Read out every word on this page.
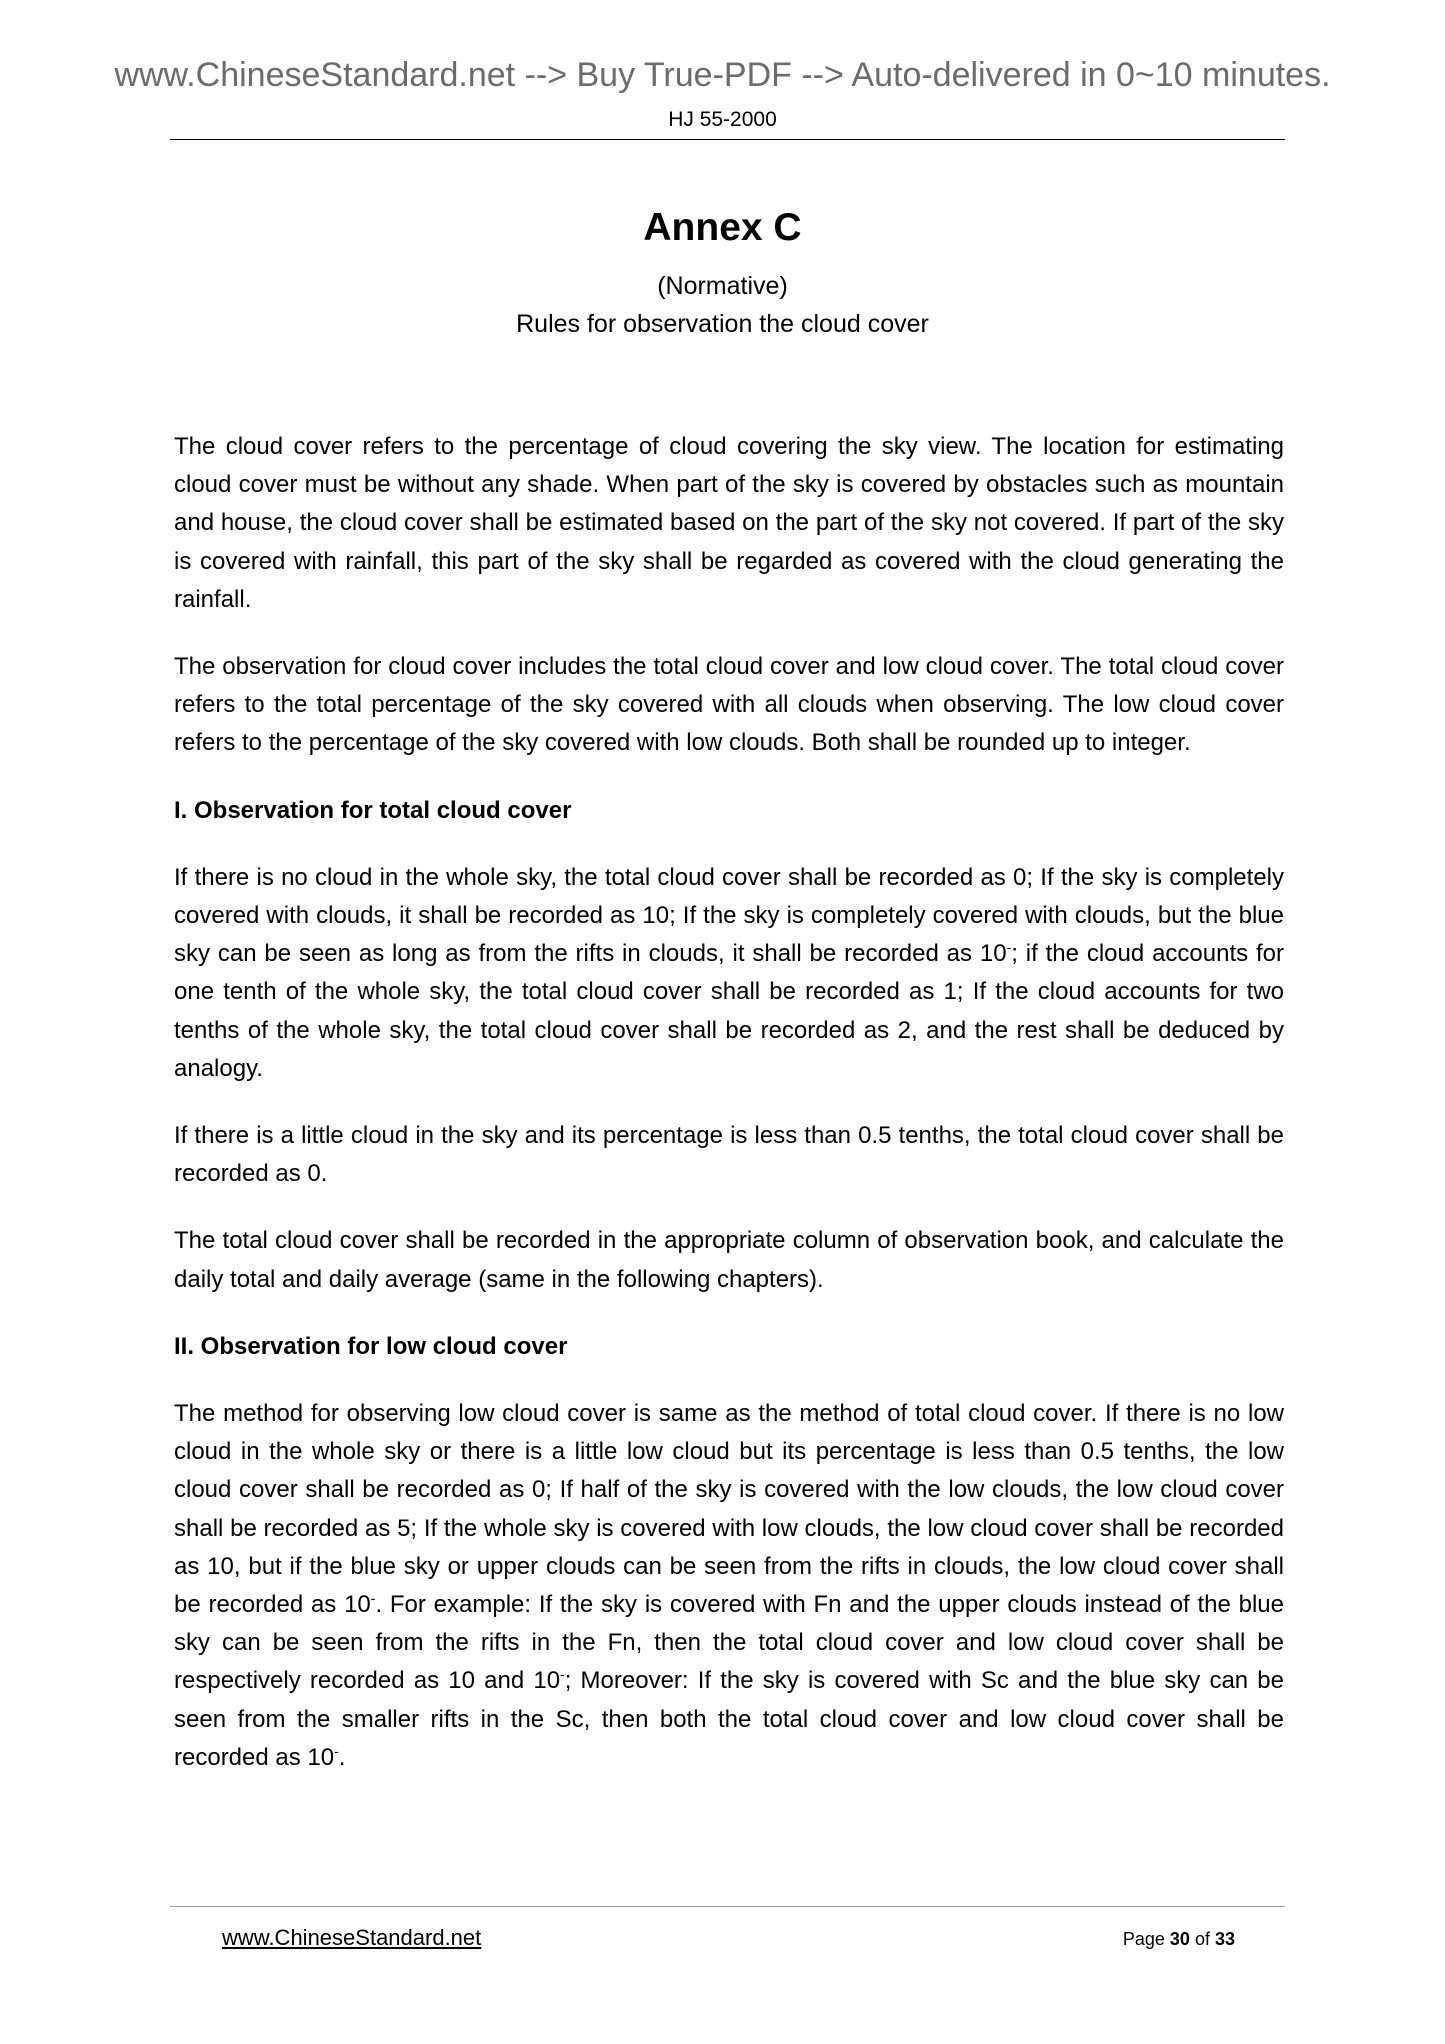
www.ChineseStandard.net --> Buy True-PDF --> Auto-delivered in 0~10 minutes.
HJ 55-2000
Annex C
(Normative)
Rules for observation the cloud cover

The cloud cover refers to the percentage of cloud covering the sky view. The location for estimating cloud cover must be without any shade. When part of the sky is covered by obstacles such as mountain and house, the cloud cover shall be estimated based on the part of the sky not covered. If part of the sky is covered with rainfall, this part of the sky shall be regarded as covered with the cloud generating the rainfall.

The observation for cloud cover includes the total cloud cover and low cloud cover. The total cloud cover refers to the total percentage of the sky covered with all clouds when observing. The low cloud cover refers to the percentage of the sky covered with low clouds. Both shall be rounded up to integer.

I. Observation for total cloud cover

If there is no cloud in the whole sky, the total cloud cover shall be recorded as 0; If the sky is completely covered with clouds, it shall be recorded as 10; If the sky is completely covered with clouds, but the blue sky can be seen as long as from the rifts in clouds, it shall be recorded as 10-; if the cloud accounts for one tenth of the whole sky, the total cloud cover shall be recorded as 1; If the cloud accounts for two tenths of the whole sky, the total cloud cover shall be recorded as 2, and the rest shall be deduced by analogy.

If there is a little cloud in the sky and its percentage is less than 0.5 tenths, the total cloud cover shall be recorded as 0.

The total cloud cover shall be recorded in the appropriate column of observation book, and calculate the daily total and daily average (same in the following chapters).

II. Observation for low cloud cover

The method for observing low cloud cover is same as the method of total cloud cover. If there is no low cloud in the whole sky or there is a little low cloud but its percentage is less than 0.5 tenths, the low cloud cover shall be recorded as 0; If half of the sky is covered with the low clouds, the low cloud cover shall be recorded as 5; If the whole sky is covered with low clouds, the low cloud cover shall be recorded as 10, but if the blue sky or upper clouds can be seen from the rifts in clouds, the low cloud cover shall be recorded as 10-. For example: If the sky is covered with Fn and the upper clouds instead of the blue sky can be seen from the rifts in the Fn, then the total cloud cover and low cloud cover shall be respectively recorded as 10 and 10-; Moreover: If the sky is covered with Sc and the blue sky can be seen from the smaller rifts in the Sc, then both the total cloud cover and low cloud cover shall be recorded as 10-.

www.ChineseStandard.net	Page 30 of 33
